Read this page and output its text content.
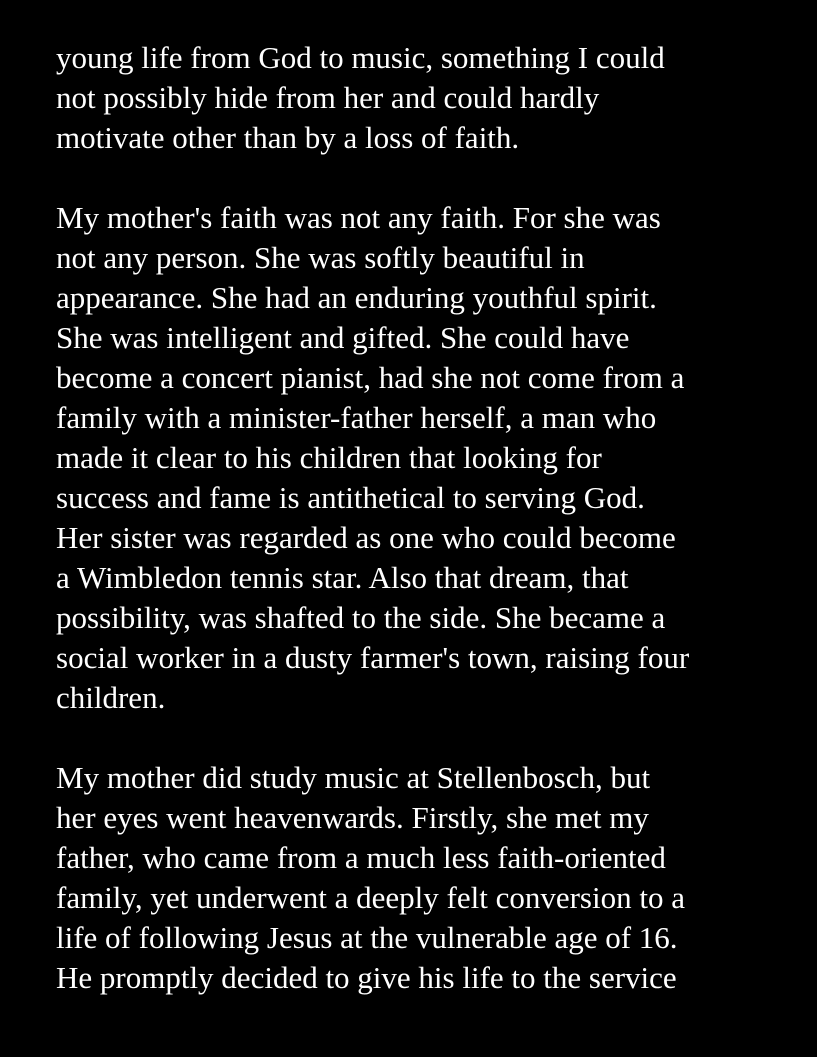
young life from God to music, something I could
not possibly hide from her and could hardly
motivate other than by a loss of faith.
My mother's faith was not any faith. For she was
not any person. She was softly beautiful in
appearance. She had an enduring youthful spirit.
She was intelligent and gifted. She could have
become a concert pianist, had she not come from a
family with a minister-father herself, a man who
made it clear to his children that looking for
success and fame is antithetical to serving God.
Her sister was regarded as one who could become
a Wimbledon tennis star. Also that dream, that
possibility, was shafted to the side. She became a
social worker in a dusty farmer's town, raising four
children.
My mother did study music at Stellenbosch, but
her eyes went heavenwards. Firstly, she met my
father, who came from a much less faith-oriented
family, yet underwent a deeply felt conversion to a
life of following Jesus at the vulnerable age of 16.
He promptly decided to give his life to the service
